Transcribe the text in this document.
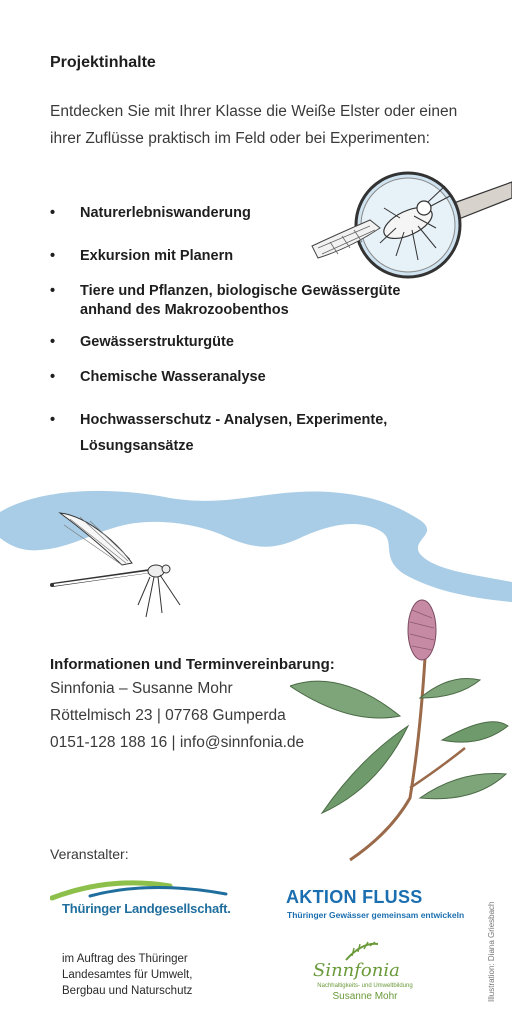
Projektinhalte
Entdecken Sie mit Ihrer Klasse die Weiße Elster oder einen ihrer Zuflüsse praktisch im Feld oder bei Experimenten:
• Naturerlebniswanderung
• Exkursion mit Planern
• Tiere und Pflanzen, biologische Gewässergüte anhand des Makrozoobenthos
• Gewässerstrukturgüte
• Chemische Wasseranalyse
• Hochwasserschutz - Analysen, Experimente, Lösungsansätze
Informationen und Terminvereinbarung:
Sinnfonia – Susanne Mohr
Röttelmisch 23 | 07768 Gumperda
0151-128 188 16 | info@sinnfonia.de
Veranstalter:
Thüringer Landgesellschaft.
AKTION FLUSS
Thüringer Gewässer gemeinsam entwickeln
im Auftrag des Thüringer Landesamtes für Umwelt, Bergbau und Naturschutz
Sinnfonia
Nachhaltigkeits- und Umweltbildung
Susanne Mohr	Illustration: Diana Griesbach
